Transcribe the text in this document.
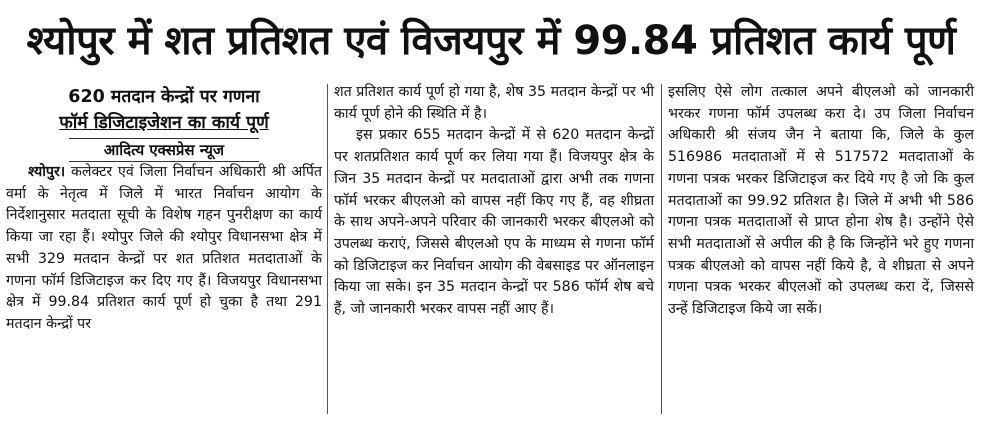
श्योपुर में शत प्रतिशत एवं विजयपुर में 99.84 प्रतिशत कार्य पूर्ण

620 मतदान केन्द्रों पर गणना

फॉर्म डिजिटाइजेशन का कार्य पूर्ण

आदित्य एक्सप्रेस न्यूज

श्योपुर। कलेक्टर एवं जिला निर्वाचन अधिकारी श्री अर्पित वर्मा के नेतृत्व में जिले में भारत निर्वाचन आयोग के निर्देशानुसार मतदाता सूची के विशेष गहन पुनरीक्षण का कार्य किया जा रहा हैं। श्योपुर जिले की श्योपुर विधानसभा क्षेत्र में सभी 329 मतदान केन्द्रों पर शत प्रतिशत मतदाताओं के गणना फॉर्म डिजिटाइज कर दिए गए हैं। विजयपुर विधानसभा क्षेत्र में 99.84 प्रतिशत कार्य पूर्ण हो चुका है तथा 291 मतदान केन्द्रों पर

शत प्रतिशत कार्य पूर्ण हो गया है, शेष 35 मतदान केन्द्रों पर भी कार्य पूर्ण होने की स्थिति में है।

इस प्रकार 655 मतदान केन्द्रों में से 620 मतदान केन्द्रों पर शतप्रतिशत कार्य पूर्ण कर लिया गया हैं। विजयपुर क्षेत्र के जिन 35 मतदान केन्द्रों पर मतदाताओं द्वारा अभी तक गणना फॉर्म भरकर बीएलओ को वापस नहीं किए गए हैं, वह शीघ्रता के साथ अपने-अपने परिवार की जानकारी भरकर बीएलओ को उपलब्ध कराएं, जिससे बीएलओ एप के माध्यम से गणना फॉर्म को डिजिटाइज कर निर्वाचन आयोग की वेबसाइड पर ऑनलाइन किया जा सके। इन 35 मतदान केन्द्रों पर 586 फॉर्म शेष बचे हैं, जो जानकारी भरकर वापस नहीं आए हैं।

इसलिए ऐसे लोग तत्काल अपने बीएलओ को जानकारी भरकर गणना फॉर्म उपलब्ध करा दे। उप जिला निर्वाचन अधिकारी श्री संजय जैन ने बताया कि, जिले के कुल 516986 मतदाताओं में से 517572 मतदाताओं के गणना पत्रक भरकर डिजिटाइज कर दिये गए है जो कि कुल मतदाताओं का 99.92 प्रतिशत है। जिले में अभी भी 586 गणना पत्रक मतदाताओं से प्राप्त होना शेष है। उन्होंने ऐसे सभी मतदाताओं से अपील की है कि जिन्होंने भरे हुए गणना पत्रक बीएलओ को वापस नहीं किये है, वे शीघ्रता से अपने गणना पत्रक भरकर बीएलओं को उपलब्ध करा दें, जिससे उन्हें डिजिटाइज किये जा सकें।
